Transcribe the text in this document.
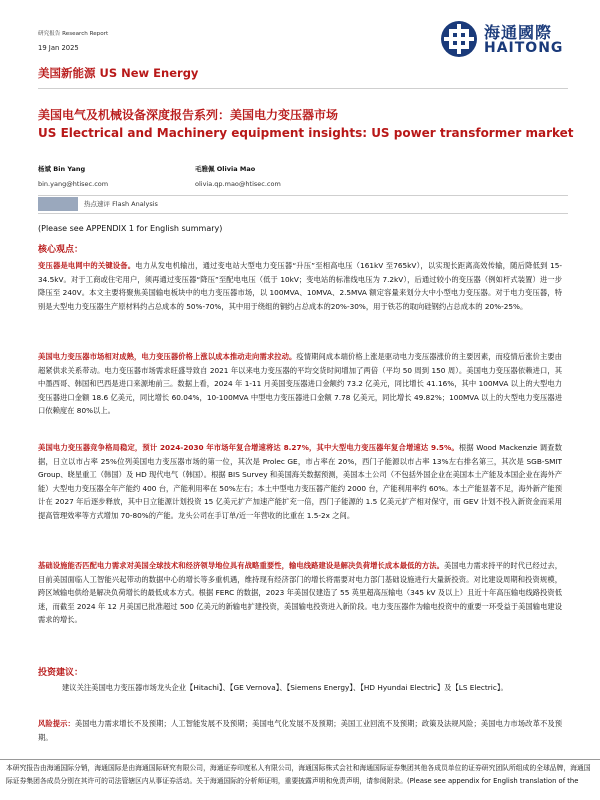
研究报告 Research Report
19 Jan 2025
海通國際
HAITONG
美国新能源 US New Energy
美国电气及机械设备深度报告系列：美国电力变压器市场
US Electrical and Machinery equipment insights: US power transformer market
杨斌 Bin Yang
bin.yang@htisec.com
毛雅佩 Olivia Mao
olivia.qp.mao@htisec.com
热点速评 Flash Analysis
(Please see APPENDIX 1 for English summary)
核心观点：
变压器是电网中的关键设备。电力从发电机输出，通过变电站大型电力变压器“升压”至相高电压（161kV 至765kV），以实现长距离高效传输，随后降低到 15-34.5kV。对于工商或住宅用户，须再通过变压器“降压”至配电电压（低于 10kV；变电站的标准线电压为 7.2kV），后通过较小的变压器（例如杆式装置）进一步降压至 240V。本文主要将聚焦美国输电板块中的电力变压器市场，以 100MVA、10MVA、2.5MVA 额定容量来划分大中小型电力变压器。对于电力变压器，特别是大型电力变压器生产原材料约占总成本的 50%-70%，其中用于绕组的铜约占总成本的20%-30%，用于铁芯的取向硅钢约占总成本的 20%-25%。
美国电力变压器市场相对成熟，电力变压器价格上涨以成本推动走向需求拉动。疫情期间成本端价格上涨是驱动电力变压器涨价的主要因素，而疫情后涨价主要由超紧供求关系带动。电力变压器市场需求旺盛导致自 2021 年以来电力变压器的平均交货时间增加了两倍（平均 50 周到 150 周）。美国电力变压器依赖进口，其中墨西哥、韩国和巴西是进口来源地前三。数据上看，2024 年 1-11 月美国变压器进口金额约 73.2 亿美元，同比增长 41.16%，其中 100MVA 以上的大型电力变压器进口金额 18.6 亿美元，同比增长 60.04%，10-100MVA 中型电力变压器进口金额 7.78 亿美元，同比增长 49.82%；100MVA 以上的大型电力变压器进口依赖度在 80%以上。
美国电力变压器竞争格局稳定，预计 2024-2030 年市场年复合增速将达 8.27%，其中大型电力变压器年复合增速达 9.5%。根据 Wood Mackenzie 调查数据，日立以市占率 25%位列美国电力变压器市场的第一位，其次是 Prolec GE，市占率在 20%，西门子能源以市占率 13%左右排名第三，其次是 SGB-SMIT Group、晓星重工（韩国）及 HD 现代电气（韩国）。根据 BIS Survey 和美国海关数据预测，美国本土公司（不包括外国企业在美国本土产能及本国企业在海外产能）大型电力变压器全年产能约 400 台，产能利用率在 50%左右；本土中型电力变压器产能约 2000 台，产能利用率约 60%。本土产能显著不足，海外新产能预计在 2027 年后逐步释放，其中日立能源计划投资 15 亿美元扩产加速产能扩充一倍，西门子能源的 1.5 亿美元扩产相对保守，而 GEV 计划不投入新资金而采用提高管理效率等方式增加 70-80%的产能。龙头公司在手订单/近一年营收的比重在 1.5-2x 之间。
基础设施能否匹配电力需求对美国全球技术和经济领导地位具有战略重要性，输电线路建设是解决负荷增长成本最低的方法。美国电力需求持平的时代已经过去，目前美国面临人工智能兴起带动的数据中心的增长等多重机遇，维持现有经济部门的增长将需要对电力部门基础设施进行大量新投资。对比建设周期和投资规模，跨区域输电供给是解决负荷增长的最低成本方式。根据 FERC 的数据，2023 年美国仅建造了 55 英里超高压输电（345 kV 及以上）且近十年高压输电线路投资低迷，而截至 2024 年 12 月美国已批准超过 500 亿美元的新输电扩建投资，美国输电投资进入新阶段。电力变压器作为输电投资中的重要一环受益于美国输电建设需求的增长。
投资建议：
建议关注美国电力变压器市场龙头企业【Hitachi】、【GE Vernova】、【Siemens Energy】、【HD Hyundai Electric】及【LS Electric】。
风险提示：美国电力需求增长不及预期；人工智能发展不及预期；美国电气化发展不及预期；美国工业回流不及预期；政策及法规风险；美国电力市场改革不及预期。
本研究报告由海通国际分销，海通国际是由海通国际研究有限公司，海通证券印度私人有限公司，海通国际株式会社和海通国际证券集团其他各成员单位的证券研究团队所组成的全球品牌，海通国际证券集团各成员分别在其许可的司法管辖区内从事证券活动。关于海通国际的分析师证明，重要披露声明和免责声明，请参阅附录。(Please see appendix for English translation of the
